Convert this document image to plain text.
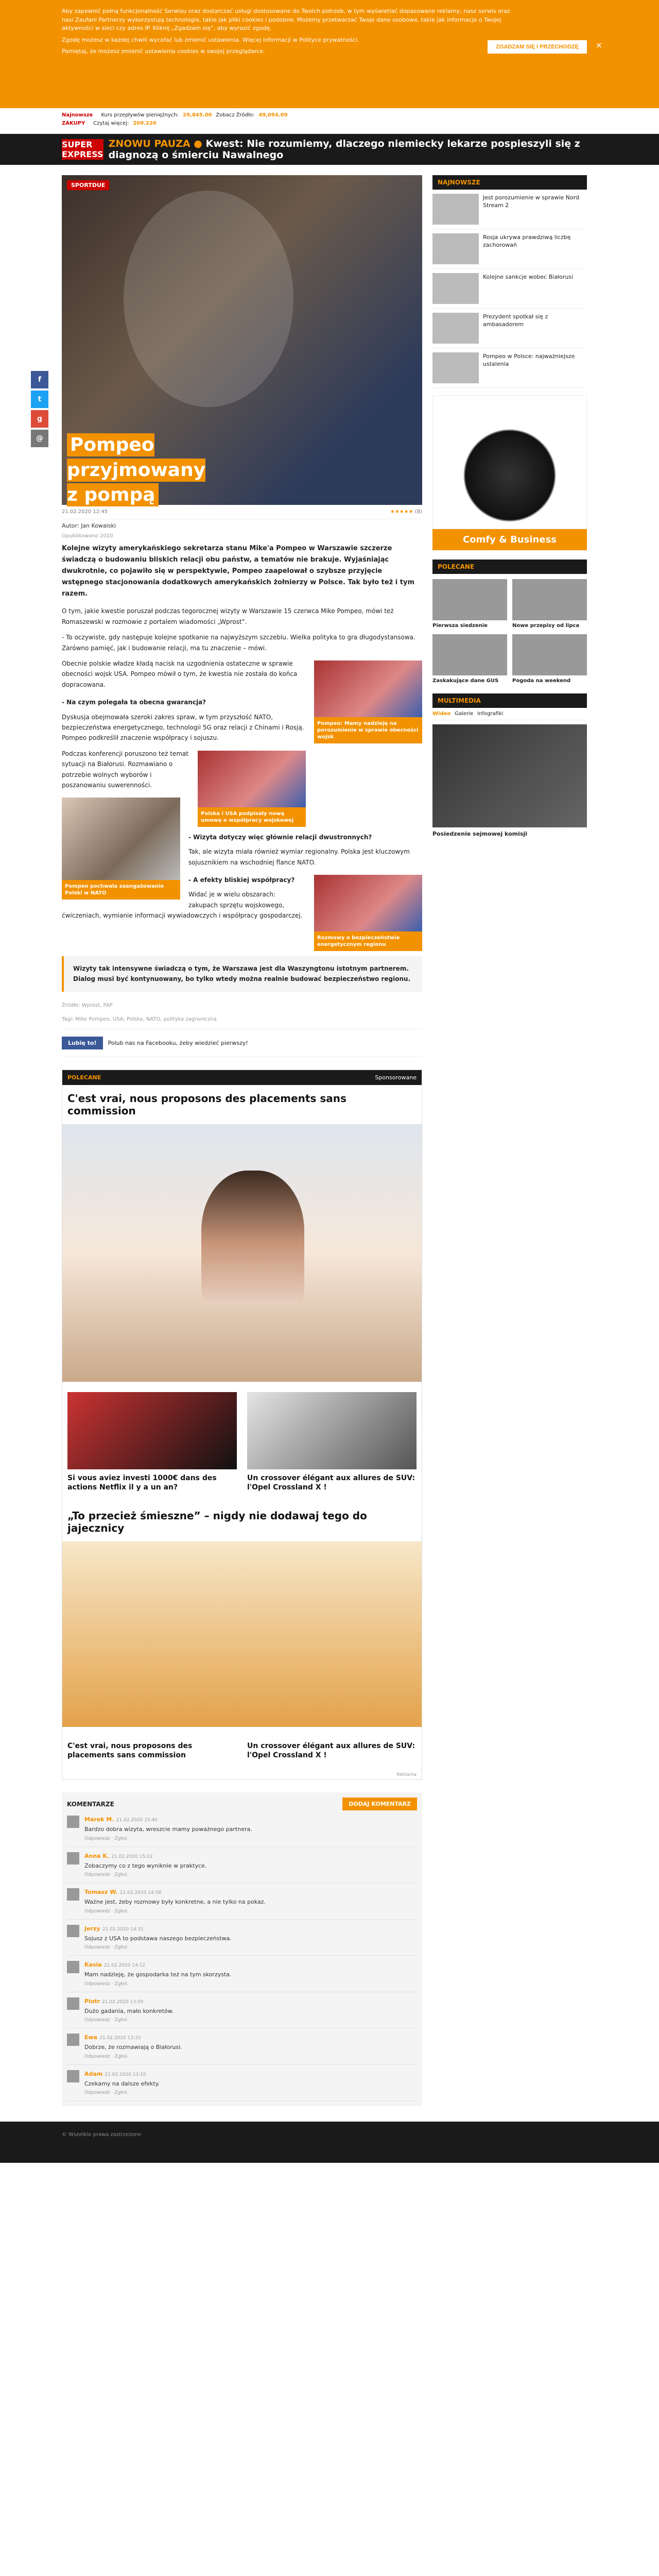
Aby zapewnić pełną funkcjonalność Serwisu oraz dostarczać usługi dostosowane do Twoich potrzeb, w tym wyświetlać dopasowane reklamy, nasz serwis oraz nasi Zaufani Partnerzy wykorzystują technologie, takie jak pliki cookies i podobne. Możemy przetwarzać Twoje dane osobowe, takie jak informacje o Twojej aktywności w sieci czy adres IP. Kliknij „Zgadzam się”, aby wyrazić zgodę.

Zgodę możesz w każdej chwili wycofać lub zmienić ustawienia. Więcej informacji w Polityce prywatności.

Pamiętaj, że możesz zmienić ustawienia cookies w swojej przeglądarce.

ZGADZAM SIĘ I PRZECHODZĘ	×
Najnowsze Kurs przepływów pieniężnych: 29,845.00 Zobacz Źródło: 49,094.09
ZAKUPY Czytaj więcej: 209.220
SUPER EXPRESS
ZNOWU PAUZA ● Kwest: Nie rozumiemy, dlaczego niemiecky lekarze pospieszyli się z diagnozą o śmierciu Nawalnego
f
t
g
@
SPORTDUE
Pompeo przyjmowany z pompą
21.02.2020 12:45	★★★★★ (8)
Autor: Jan Kowalski
Opublikowano 2020

Kolejne wizyty amerykańskiego sekretarza stanu Mike'a Pompeo w Warszawie szczerze świadczą o budowaniu bliskich relacji obu państw, a tematów nie brakuje. Wyjaśniając dwukrotnie, co pojawiło się w perspektywie, Pompeo zaapelował o szybsze przyjęcie wstępnego stacjonowania dodatkowych amerykańskich żołnierzy w Polsce. Tak było też i tym razem.

O tym, jakie kwestie poruszał podczas tegorocznej wizyty w Warszawie 15 czerwca Mike Pompeo, mówi też Romaszewski w rozmowie z portalem wiadomości „Wprost”.

- To oczywiste, gdy następuje kolejne spotkanie na najwyższym szczeblu. Wielka polityka to gra długodystansowa. Zarówno pamięć, jak i budowanie relacji, ma tu znaczenie – mówi.

Pompeo: Mamy nadzieję na porozumienie w sprawie obecności wojsk

Obecnie polskie władze kładą nacisk na uzgodnienia ostateczne w sprawie obecności wojsk USA. Pompeo mówił o tym, że kwestia nie została do końca dopracowana.

- Na czym polegała ta obecna gwarancja?

Dyskusja obejmowała szeroki zakres spraw, w tym przyszłość NATO, bezpieczeństwa energetycznego, technologii 5G oraz relacji z Chinami i Rosją. Pompeo podkreślił znaczenie współpracy i sojuszu.

Polska i USA podpisały nową umowę o współpracy wojskowej

Podczas konferencji poruszono też temat sytuacji na Białorusi. Rozmawiano o potrzebie wolnych wyborów i poszanowaniu suwerenności.

Pompeo pochwala zaangażowanie Polski w NATO
- Wizyta dotyczy więc głównie relacji dwustronnych?

Tak, ale wizyta miała również wymiar regionalny. Polska jest kluczowym sojusznikiem na wschodniej flance NATO.

Rozmowy o bezpieczeństwie energetycznym regionu
- A efekty bliskiej współpracy?

Widać je w wielu obszarach: zakupach sprzętu wojskowego, ćwiczeniach, wymianie informacji wywiadowczych i współpracy gospodarczej.

Wizyty tak intensywne świadczą o tym, że Warszawa jest dla Waszyngtonu istotnym partnerem. Dialog musi być kontynuowany, bo tylko wtedy można realnie budować bezpieczeństwo regionu.

Źródło: Wprost, PAP

Tagi: Mike Pompeo, USA, Polska, NATO, polityka zagraniczna

Lubię to!	Polub nas na Facebooku, żeby wiedzieć pierwszy!
POLECANE	Sponsorowane
C'est vrai, nous proposons des placements sans commission
Si vous aviez investi 1000€ dans des actions Netflix il y a un an?
Un crossover élégant aux allures de SUV: l'Opel Crossland X !
„To przecież śmieszne” – nigdy nie dodawaj tego do jajecznicy
C'est vrai, nous proposons des placements sans commission
Un crossover élégant aux allures de SUV: l'Opel Crossland X !
Reklama
KOMENTARZE	DODAJ KOMENTARZ
Marek M. 21.02.2020 15:40
Bardzo dobra wizyta, wreszcie mamy poważnego partnera.
Odpowiedz · Zgłoś
Anna K. 21.02.2020 15:22
Zobaczymy co z tego wyniknie w praktyce.
Odpowiedz · Zgłoś
Tomasz W. 21.02.2020 14:58
Ważne jest, żeby rozmowy były konkretne, a nie tylko na pokaz.
Odpowiedz · Zgłoś
Jerzy 21.02.2020 14:31
Sojusz z USA to podstawa naszego bezpieczeństwa.
Odpowiedz · Zgłoś
Kasia 21.02.2020 14:12
Mam nadzieję, że gospodarka też na tym skorzysta.
Odpowiedz · Zgłoś
Piotr 21.02.2020 13:50
Dużo gadania, mało konkretów.
Odpowiedz · Zgłoś
Ewa 21.02.2020 13:33
Dobrze, że rozmawiają o Białorusi.
Odpowiedz · Zgłoś
Adam 21.02.2020 13:10
Czekamy na dalsze efekty.
Odpowiedz · Zgłoś
NAJNOWSZE
Jest porozumienie w sprawie Nord Stream 2
Rosja ukrywa prawdziwą liczbę zachorowań
Kolejne sankcje wobec Białorusi
Prezydent spotkał się z ambasadorem
Pompeo w Polsce: najważniejsze ustalenia
Comfy & Business
POLECANE
Pierwsza siedzenie	Nowe przepisy od lipca
Zaskakujące dane GUS	Pogoda na weekend
MULTIMEDIA
Wideo Galerie Infografiki
Posiedzenie sejmowej komisji
© Wszelkie prawa zastrzeżone
